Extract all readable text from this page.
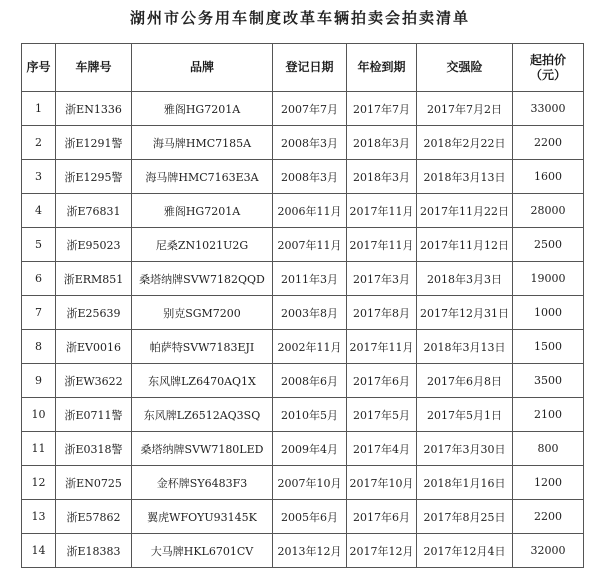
湖州市公务用车制度改革车辆拍卖会拍卖清单
序号	车牌号	品牌	登记日期	年检到期	交强险	起拍价
（元）
1	浙EN1336	雅阁HG7201A	2007年7月	2017年7月	2017年7月2日	33000
2	浙E1291警	海马牌HMC7185A	2008年3月	2018年3月	2018年2月22日	2200
3	浙E1295警	海马牌HMC7163E3A	2008年3月	2018年3月	2018年3月13日	1600
4	浙E76831	雅阁HG7201A	2006年11月	2017年11月	2017年11月22日	28000
5	浙E95023	尼桑ZN1021U2G	2007年11月	2017年11月	2017年11月12日	2500
6	浙ERM851	桑塔纳牌SVW7182QQD	2011年3月	2017年3月	2018年3月3日	19000
7	浙E25639	别克SGM7200	2003年8月	2017年8月	2017年12月31日	1000
8	浙EV0016	帕萨特SVW7183EJI	2002年11月	2017年11月	2018年3月13日	1500
9	浙EW3622	东风牌LZ6470AQ1X	2008年6月	2017年6月	2017年6月8日	3500
10	浙E0711警	东风牌LZ6512AQ3SQ	2010年5月	2017年5月	2017年5月1日	2100
11	浙E0318警	桑塔纳牌SVW7180LED	2009年4月	2017年4月	2017年3月30日	800
12	浙EN0725	金杯牌SY6483F3	2007年10月	2017年10月	2018年1月16日	1200
13	浙E57862	翼虎WFOYU93145K	2005年6月	2017年6月	2017年8月25日	2200
14	浙E18383	大马牌HKL6701CV	2013年12月	2017年12月	2017年12月4日	32000
